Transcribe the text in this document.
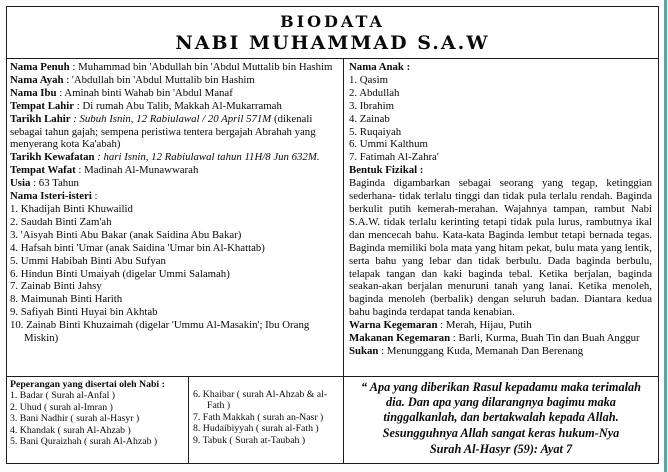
BIODATA
NABI MUHAMMAD S.A.W
Nama Penuh : Muhammad bin 'Abdullah bin 'Abdul Muttalib bin Hashim
Nama Ayah : 'Abdullah bin 'Abdul Muttalib bin Hashim
Nama Ibu : Aminah binti Wahab bin 'Abdul Manaf
Tempat Lahir : Di rumah Abu Talib, Makkah Al-Mukarramah
Tarikh Lahir : Subuh Isnin, 12 Rabiulawal / 20 April 571M (dikenali sebagai tahun gajah; sempena peristiwa tentera bergajah Abrahah yang menyerang kota Ka'abah)
Tarikh Kewafatan : hari Isnin, 12 Rabiulawal tahun 11H/8 Jun 632M.
Tempat Wafat : Madinah Al-Munawwarah
Usia : 63 Tahun
Nama Isteri-isteri :
1. Khadijah Binti Khuwailid
2. Saudah Binti Zam'ah
3. 'Aisyah Binti Abu Bakar (anak Saidina Abu Bakar)
4. Hafsah binti 'Umar (anak Saidina 'Umar bin Al-Khattab)
5. Ummi Habibah Binti Abu Sufyan
6. Hindun Binti Umaiyah (digelar Ummi Salamah)
7. Zainab Binti Jahsy
8. Maimunah Binti Harith
9. Safiyah Binti Huyai bin Akhtab
10. Zainab Binti Khuzaimah (digelar 'Ummu Al-Masakin'; Ibu Orang Miskin)
Nama Anak :
1. Qasim
2. Abdullah
3. Ibrahim
4. Zainab
5. Ruqaiyah
6. Ummi Kalthum
7. Fatimah Al-Zahra'
Bentuk Fizikal :
Baginda digambarkan sebagai seorang yang tegap, ketinggian sederhana- tidak terlalu tinggi dan tidak pula terlalu rendah. Baginda berkulit putih kemerah-merahan. Wajahnya tampan, rambut Nabi S.A.W. tidak terlalu kerinting tetapi tidak pula lurus, rambutnya ikal dan mencecah bahu. Kata-kata Baginda lembut tetapi bernada tegas. Baginda memiliki bola mata yang hitam pekat, bulu mata yang lentik, serta bahu yang lebar dan tidak berbulu. Dada baginda berbulu, telapak tangan dan kaki baginda tebal. Ketika berjalan, baginda seakan-akan berjalan menuruni tanah yang lanai. Ketika menoleh, baginda menoleh (berbalik) dengan seluruh badan. Diantara kedua bahu baginda terdapat tanda kenabian.
Warna Kegemaran : Merah, Hijau, Putih
Makanan Kegemaran : Barli, Kurma, Buah Tin dan Buah Anggur
Sukan : Menunggang Kuda, Memanah Dan Berenang
Peperangan yang disertai oleh Nabi :
1. Badar ( Surah al-Anfal )
2. Uhud ( surah al-Imran )
3. Bani Nadhir ( surah al-Hasyr )
4. Khandak ( surah Al-Ahzab )
5. Bani Quraizhah ( surah Al-Ahzab )
6. Khaibar ( surah Al-Ahzab & al-Fath )
7. Fath Makkah ( surah an-Nasr )
8. Hudaibiyyah ( surah al-Fath )
9. Tabuk ( Surah at-Taubah )
“ Apa yang diberikan Rasul kepadamu maka terimalah dia. Dan apa yang dilarangnya bagimu maka tinggalkanlah, dan bertakwalah kepada Allah. Sesungguhnya Allah sangat keras hukum-Nya
Surah Al-Hasyr (59): Ayat 7
